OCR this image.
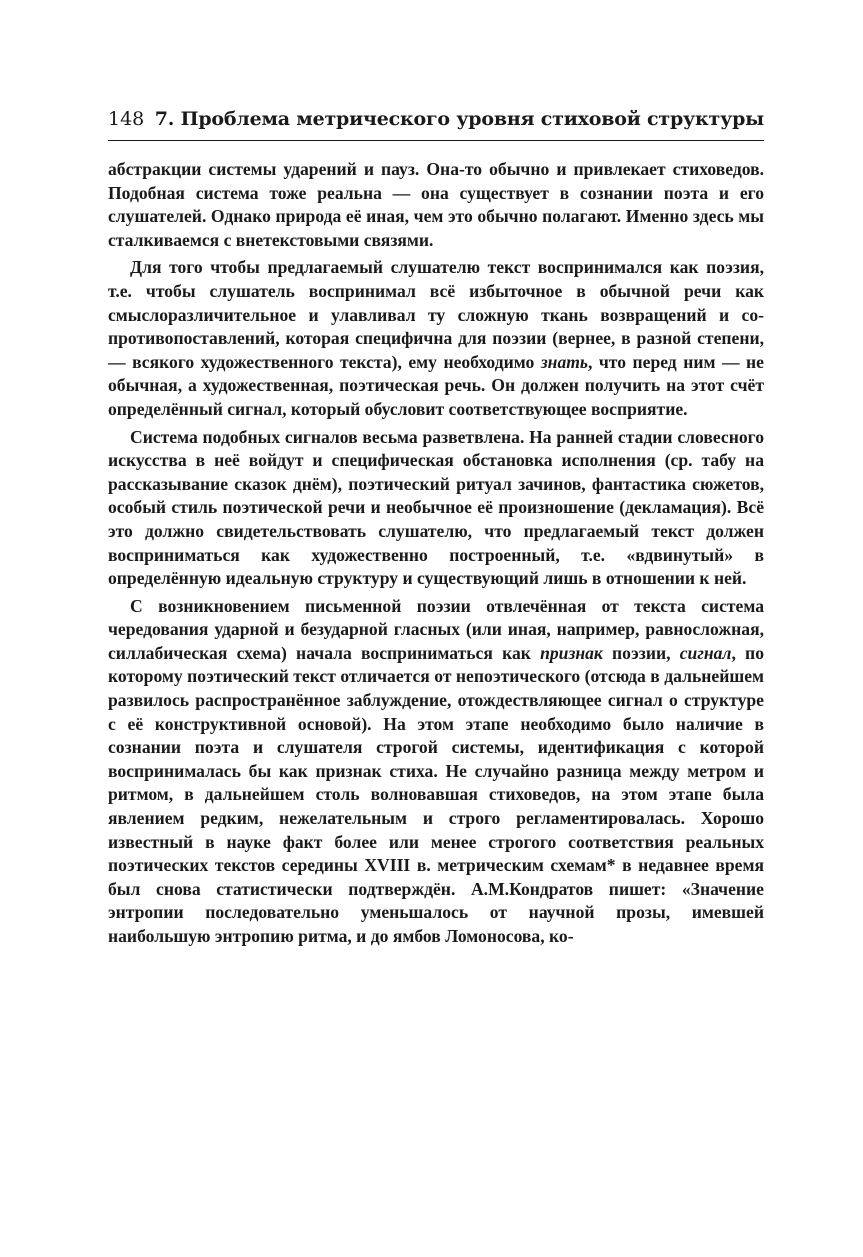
148 7. Проблема метрического уровня стиховой структуры

абстракции системы ударений и пауз. Она-то обычно и привлекает стиховедов. Подобная система тоже реальна — она существует в сознании поэта и его слушателей. Однако природа её иная, чем это обычно полагают. Именно здесь мы сталкиваемся с внетекстовыми связями.

Для того чтобы предлагаемый слушателю текст воспринимался как поэзия, т.е. чтобы слушатель воспринимал всё избыточное в обычной речи как смыслоразличительное и улавливал ту сложную ткань возвращений и со-противопоставлений, которая специфична для поэзии (вернее, в разной степени, — всякого художественного текста), ему необходимо знать, что перед ним — не обычная, а художественная, поэтическая речь. Он должен получить на этот счёт определённый сигнал, который обусловит соответствующее восприятие.

Система подобных сигналов весьма разветвлена. На ранней стадии словесного искусства в неё войдут и специфическая обстановка исполнения (ср. табу на рассказывание сказок днём), поэтический ритуал зачинов, фантастика сюжетов, особый стиль поэтической речи и необычное её произношение (декламация). Всё это должно свидетельствовать слушателю, что предлагаемый текст должен восприниматься как художественно построенный, т.е. «вдвинутый» в определённую идеальную структуру и существующий лишь в отношении к ней.

С возникновением письменной поэзии отвлечённая от текста система чередования ударной и безударной гласных (или иная, например, равносложная, силлабическая схема) начала восприниматься как признак поэзии, сигнал, по которому поэтический текст отличается от непоэтического (отсюда в дальнейшем развилось распространённое заблуждение, отождествляющее сигнал о структуре с её конструктивной основой). На этом этапе необходимо было наличие в сознании поэта и слушателя строгой системы, идентификация с которой воспринималась бы как признак стиха. Не случайно разница между метром и ритмом, в дальнейшем столь волновавшая стиховедов, на этом этапе была явлением редким, нежелательным и строго регламентировалась. Хорошо известный в науке факт более или менее строгого соответствия реальных поэтических текстов середины XVIII в. метрическим схемам* в недавнее время был снова статистически подтверждён. А.М.Кондратов пишет: «Значение энтропии последовательно уменьшалось от научной прозы, имевшей наибольшую энтропию ритма, и до ямбов Ломоносова, ко-
